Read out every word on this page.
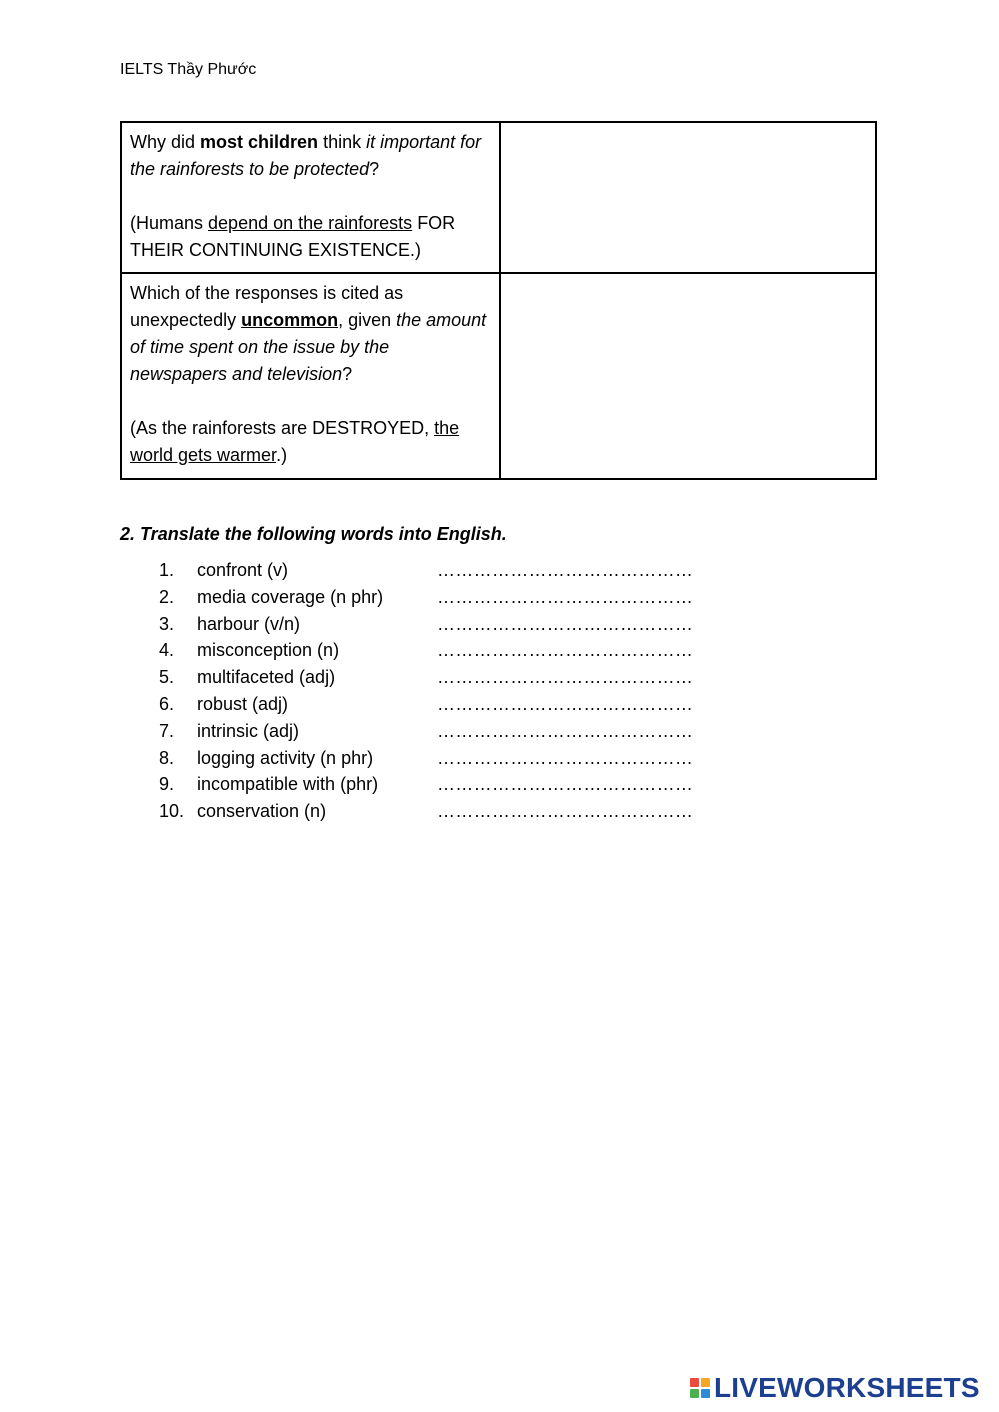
IELTS Thầy Phước
Why did most children think it important for the rainforests to be protected?
(Humans depend on the rainforests FOR THEIR CONTINUING EXISTENCE.)	

Which of the responses is cited as unexpectedly uncommon, given the amount of time spent on the issue by the newspapers and television?
(As the rainforests are DESTROYED, the world gets warmer.)	

2. Translate the following words into English.
1. confront (v)	……………………………………
2. media coverage (n phr)	……………………………………
3. harbour (v/n)	……………………………………
4. misconception (n)	……………………………………
5. multifaceted (adj)	……………………………………
6. robust (adj)	……………………………………
7. intrinsic (adj)	……………………………………
8. logging activity (n phr)	……………………………………
9. incompatible with (phr)	……………………………………
10. conservation (n)	……………………………………
LIVEWORKSHEETS
